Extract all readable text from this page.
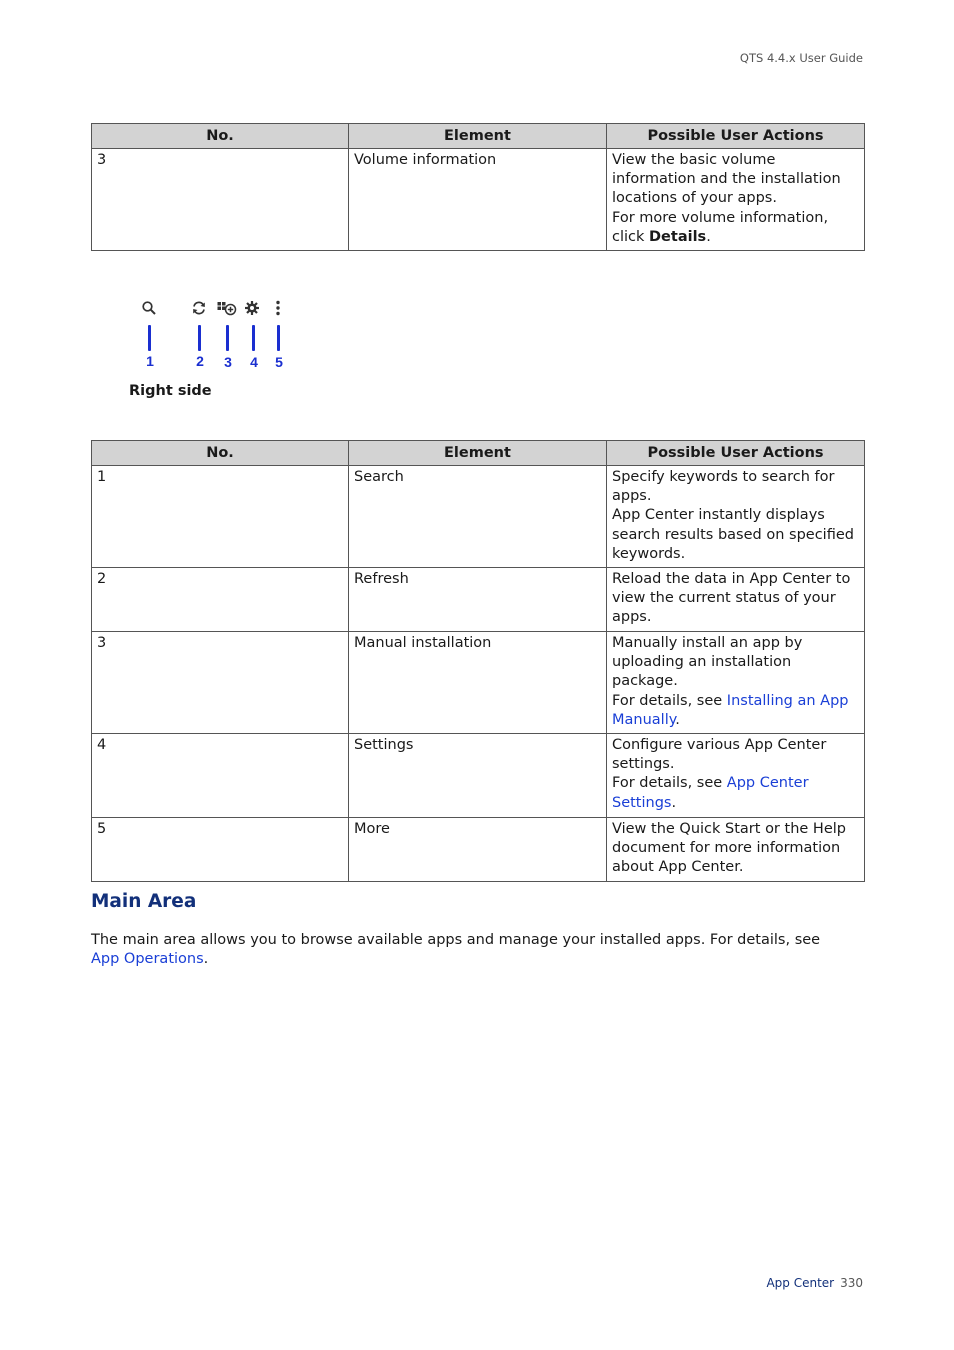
QTS 4.4.x User Guide
No.	Element	Possible User Actions
3	Volume information	View the basic volume information and the installation locations of your apps.
For more volume information, click Details.
1	2 3 4 5
Right side
No.	Element	Possible User Actions
1	Search	Specify keywords to search for apps.
App Center instantly displays search results based on specified keywords.

2	Refresh	Reload the data in App Center to view the current status of your apps.

3	Manual installation	Manually install an app by uploading an installation package.
For details, see Installing an App Manually.

4	Settings	Configure various App Center settings.
For details, see App Center Settings.

5	More	View the Quick Start or the Help document for more information about App Center.
Main Area
The main area allows you to browse available apps and manage your installed apps. For details, see App Operations.
App Center 330
